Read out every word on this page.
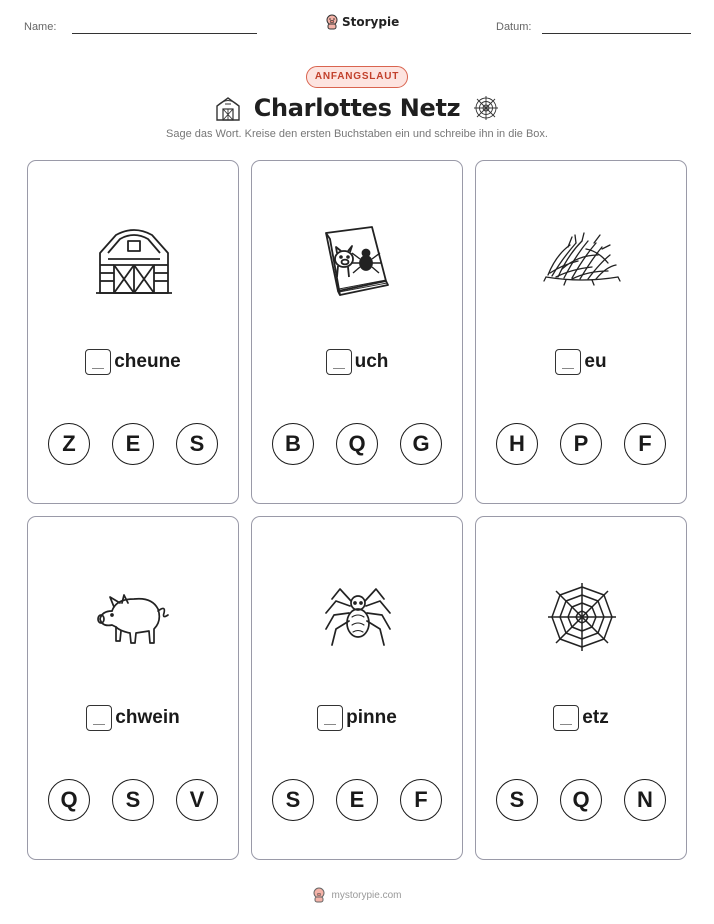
Name:	Storypie	Datum:
ANFANGSLAUT
Charlottes Netz
Sage das Wort. Kreise den ersten Buchstaben ein und schreibe ihn in die Box.
cheune
Z	E	S
uch
B	Q	G
eu
H	P	F
chwein
Q	S	V
pinne
S	E	F
etz
S	Q	N
mystorypie.com
